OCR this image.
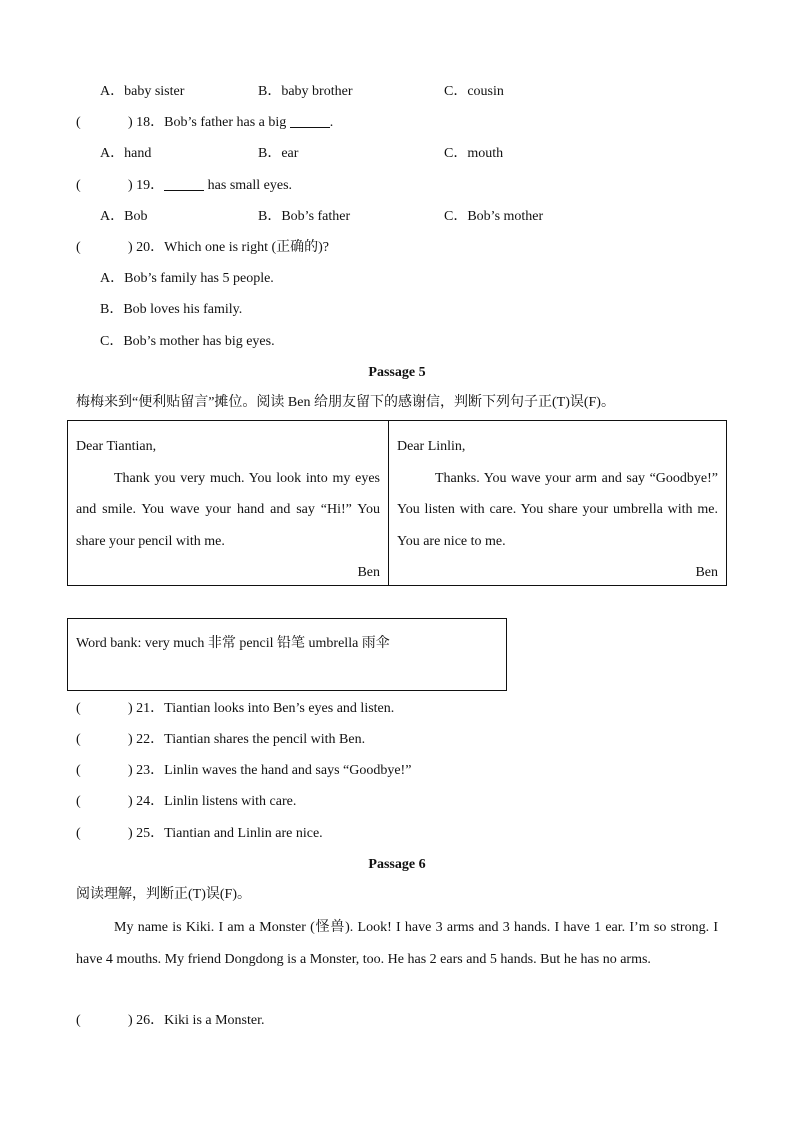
A．baby sister	B．baby brother	C．cousin
(	) 18．Bob’s father has a big	.
A．hand	B．ear	C．mouth
(	) 19．	has small eyes.
A．Bob	B．Bob’s father	C．Bob’s mother
(	) 20．Which one is right (正确的)?
A．Bob’s family has 5 people.
B．Bob loves his family.
C．Bob’s mother has big eyes.
Passage 5
梅梅来到“便利贴留言”摊位。阅读 Ben 给朋友留下的感谢信，判断下列句子正(T)误(F)。

Dear Tiantian,

Thank you very much. You look into my eyes and smile. You wave your hand and say “Hi!” You share your pencil with me.

Ben

Dear Linlin,

Thanks. You wave your arm and say “Goodbye!” You listen with care. You share your umbrella with me. You are nice to me.

Ben

Word bank: very much 非常 pencil 铅笔 umbrella 雨伞
(	) 21．Tiantian looks into Ben’s eyes and listen.
(	) 22．Tiantian shares the pencil with Ben.
(	) 23．Linlin waves the hand and says “Goodbye!”
(	) 24．Linlin listens with care.
(	) 25．Tiantian and Linlin are nice.
Passage 6
阅读理解，判断正(T)误(F)。

My name is Kiki. I am a Monster (怪兽). Look! I have 3 arms and 3 hands. I have 1 ear. I’m so strong. I have 4 mouths. My friend Dongdong is a Monster, too. He has 2 ears and 5 hands. But he has no arms.

(	) 26．Kiki is a Monster.
